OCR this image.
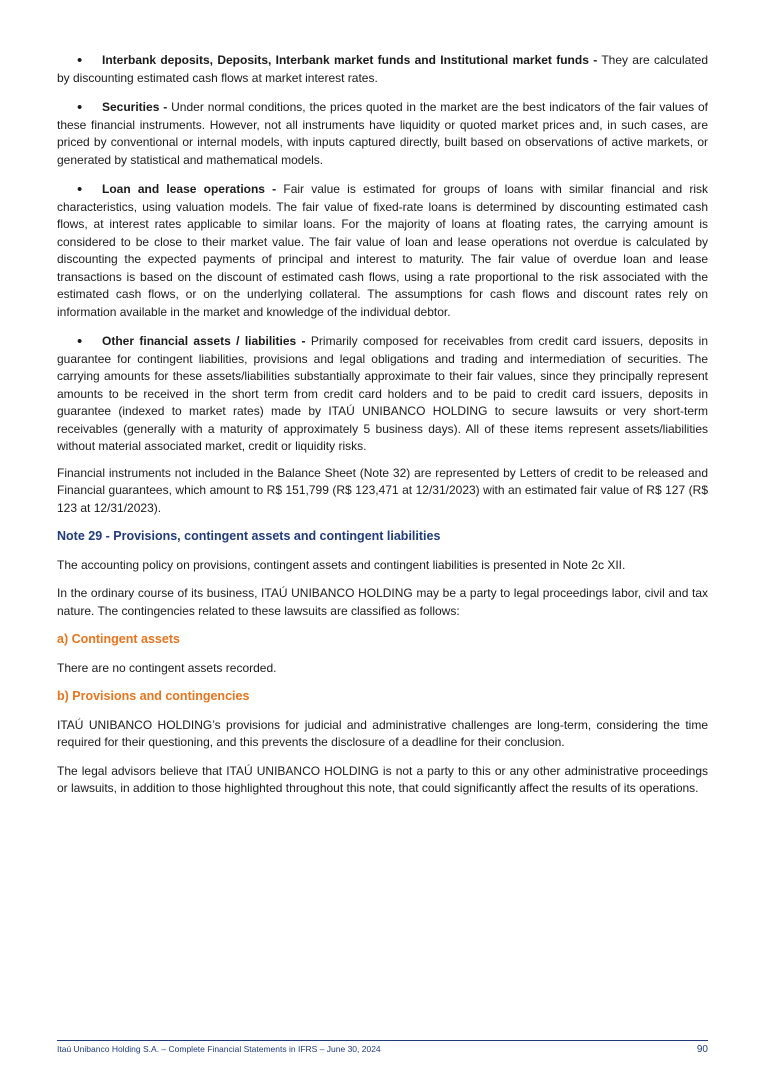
• Interbank deposits, Deposits, Interbank market funds and Institutional market funds - They are calculated by discounting estimated cash flows at market interest rates.

• Securities - Under normal conditions, the prices quoted in the market are the best indicators of the fair values of these financial instruments. However, not all instruments have liquidity or quoted market prices and, in such cases, are priced by conventional or internal models, with inputs captured directly, built based on observations of active markets, or generated by statistical and mathematical models.

• Loan and lease operations - Fair value is estimated for groups of loans with similar financial and risk characteristics, using valuation models. The fair value of fixed-rate loans is determined by discounting estimated cash flows, at interest rates applicable to similar loans. For the majority of loans at floating rates, the carrying amount is considered to be close to their market value. The fair value of loan and lease operations not overdue is calculated by discounting the expected payments of principal and interest to maturity. The fair value of overdue loan and lease transactions is based on the discount of estimated cash flows, using a rate proportional to the risk associated with the estimated cash flows, or on the underlying collateral. The assumptions for cash flows and discount rates rely on information available in the market and knowledge of the individual debtor.

• Other financial assets / liabilities - Primarily composed for receivables from credit card issuers, deposits in guarantee for contingent liabilities, provisions and legal obligations and trading and intermediation of securities. The carrying amounts for these assets/liabilities substantially approximate to their fair values, since they principally represent amounts to be received in the short term from credit card holders and to be paid to credit card issuers, deposits in guarantee (indexed to market rates) made by ITAÚ UNIBANCO HOLDING to secure lawsuits or very short-term receivables (generally with a maturity of approximately 5 business days). All of these items represent assets/liabilities without material associated market, credit or liquidity risks.

Financial instruments not included in the Balance Sheet (Note 32) are represented by Letters of credit to be released and Financial guarantees, which amount to R$ 151,799 (R$ 123,471 at 12/31/2023) with an estimated fair value of R$ 127 (R$ 123 at 12/31/2023).

Note 29 - Provisions, contingent assets and contingent liabilities

The accounting policy on provisions, contingent assets and contingent liabilities is presented in Note 2c XII.

In the ordinary course of its business, ITAÚ UNIBANCO HOLDING may be a party to legal proceedings labor, civil and tax nature. The contingencies related to these lawsuits are classified as follows:

a) Contingent assets

There are no contingent assets recorded.

b) Provisions and contingencies

ITAÚ UNIBANCO HOLDING’s provisions for judicial and administrative challenges are long-term, considering the time required for their questioning, and this prevents the disclosure of a deadline for their conclusion.

The legal advisors believe that ITAÚ UNIBANCO HOLDING is not a party to this or any other administrative proceedings or lawsuits, in addition to those highlighted throughout this note, that could significantly affect the results of its operations.

Itaú Unibanco Holding S.A. – Complete Financial Statements in IFRS – June 30, 2024	90
